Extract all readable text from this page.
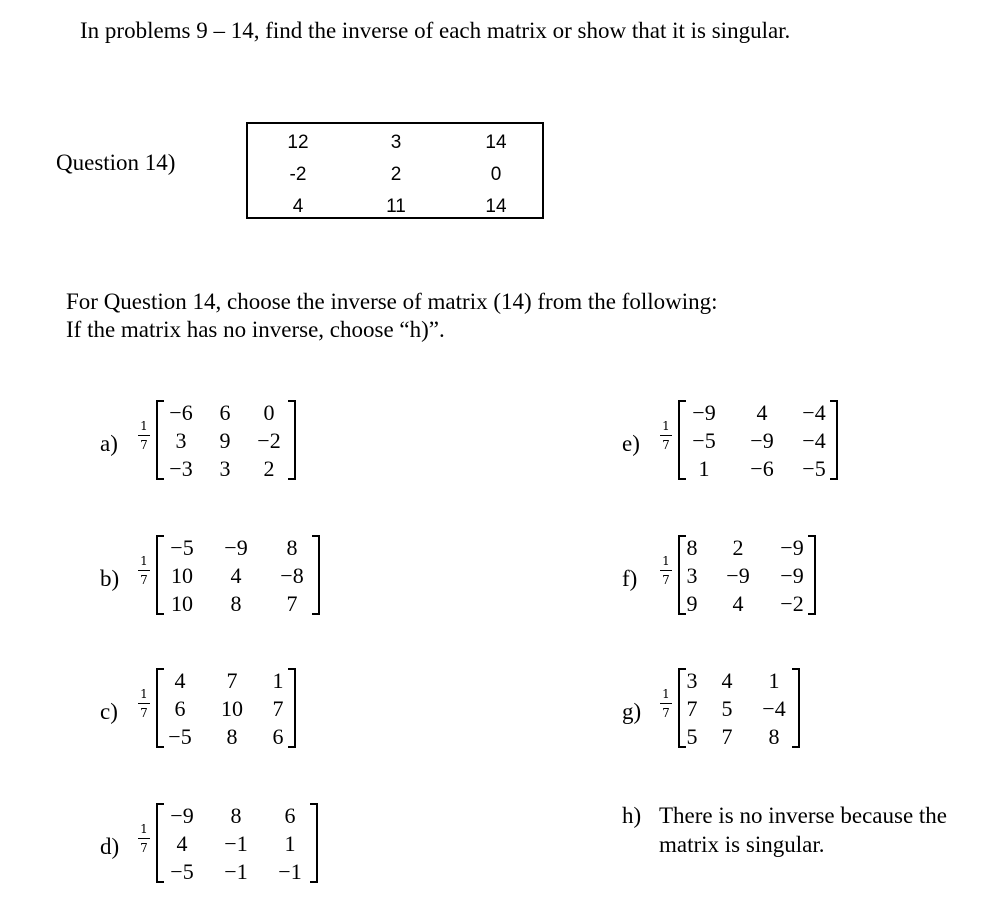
In problems 9 – 14, find the inverse of each matrix or show that it is singular.
Question 14)
12	3	14
-2	2	0
4	11	14
For Question 14, choose the inverse of matrix (14) from the following:
If the matrix has no inverse, choose “h)”.
a)
1
7
−6	6	0
3	9	−2
−3	3	2
b)
1
7
−5	−9	8
10	4	−8
10	8	7
c)
1
7
4	7	1
6	10	7
−5	8	6
d)
1
7
−9	8	6
4	−1	1
−5	−1	−1
e)
1
7
−9	4	−4
−5	−9	−4
1	−6	−5
f)
1
7
8	2	−9
3	−9	−9
9	4	−2
g)
1
7
3	4	1
7	5	−4
5	7	8
h) There is no inverse because the
matrix is singular.
